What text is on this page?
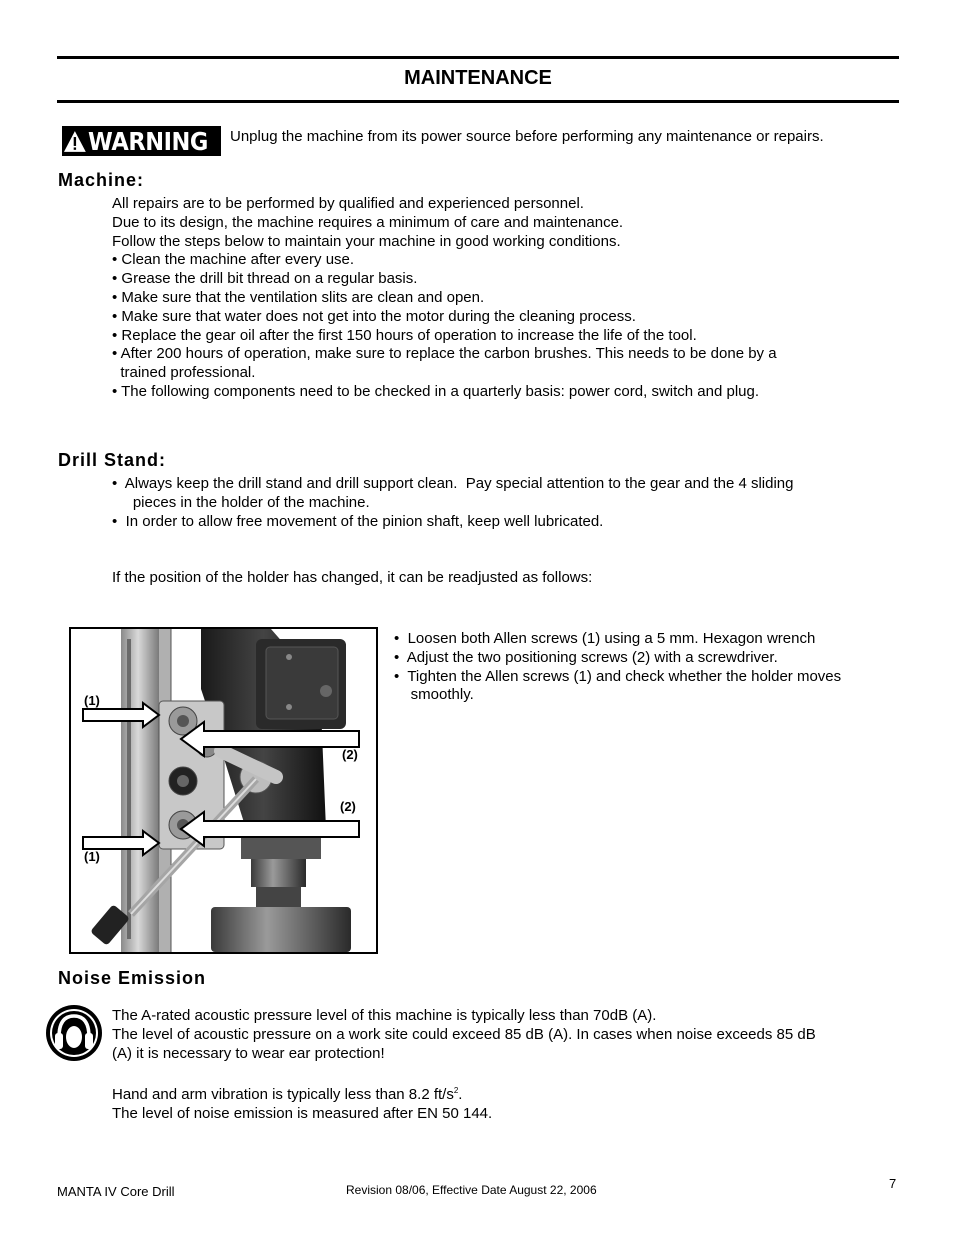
MAINTENANCE
WARNING Unplug the machine from its power source before performing any maintenance or repairs.
Machine:
All repairs are to be performed by qualified and experienced personnel.
Due to its design, the machine requires a minimum of care and maintenance.
Follow the steps below to maintain your machine in good working conditions.
• Clean the machine after every use.
• Grease the drill bit thread on a regular basis.
• Make sure that the ventilation slits are clean and open.
• Make sure that water does not get into the motor during the cleaning process.
• Replace the gear oil after the first 150 hours of operation to increase the life of the tool.
• After 200 hours of operation, make sure to replace the carbon brushes. This needs to be done by a
trained professional.
• The following components need to be checked in a quarterly basis: power cord, switch and plug.
Drill Stand:
•  Always keep the drill stand and drill support clean.  Pay special attention to the gear and the 4 sliding
pieces in the holder of the machine.
•  In order to allow free movement of the pinion shaft, keep well lubricated.
If the position of the holder has changed, it can be readjusted as follows:
(1)
(1)
(2)
(2)
•  Loosen both Allen screws (1) using a 5 mm. Hexagon wrench
•  Adjust the two positioning screws (2) with a screwdriver.
•  Tighten the Allen screws (1) and check whether the holder moves
smoothly.
Noise Emission
The A-rated acoustic pressure level of this machine is typically less than 70dB (A).
The level of acoustic pressure on a work site could exceed 85 dB (A). In cases when noise exceeds 85 dB
(A) it is necessary to wear ear protection!
Hand and arm vibration is typically less than 8.2 $ft/s^2$.
The level of noise emission is measured after EN 50 144.
MANTA IV Core Drill	Revision 08/06, Effective Date August 22, 2006	7
